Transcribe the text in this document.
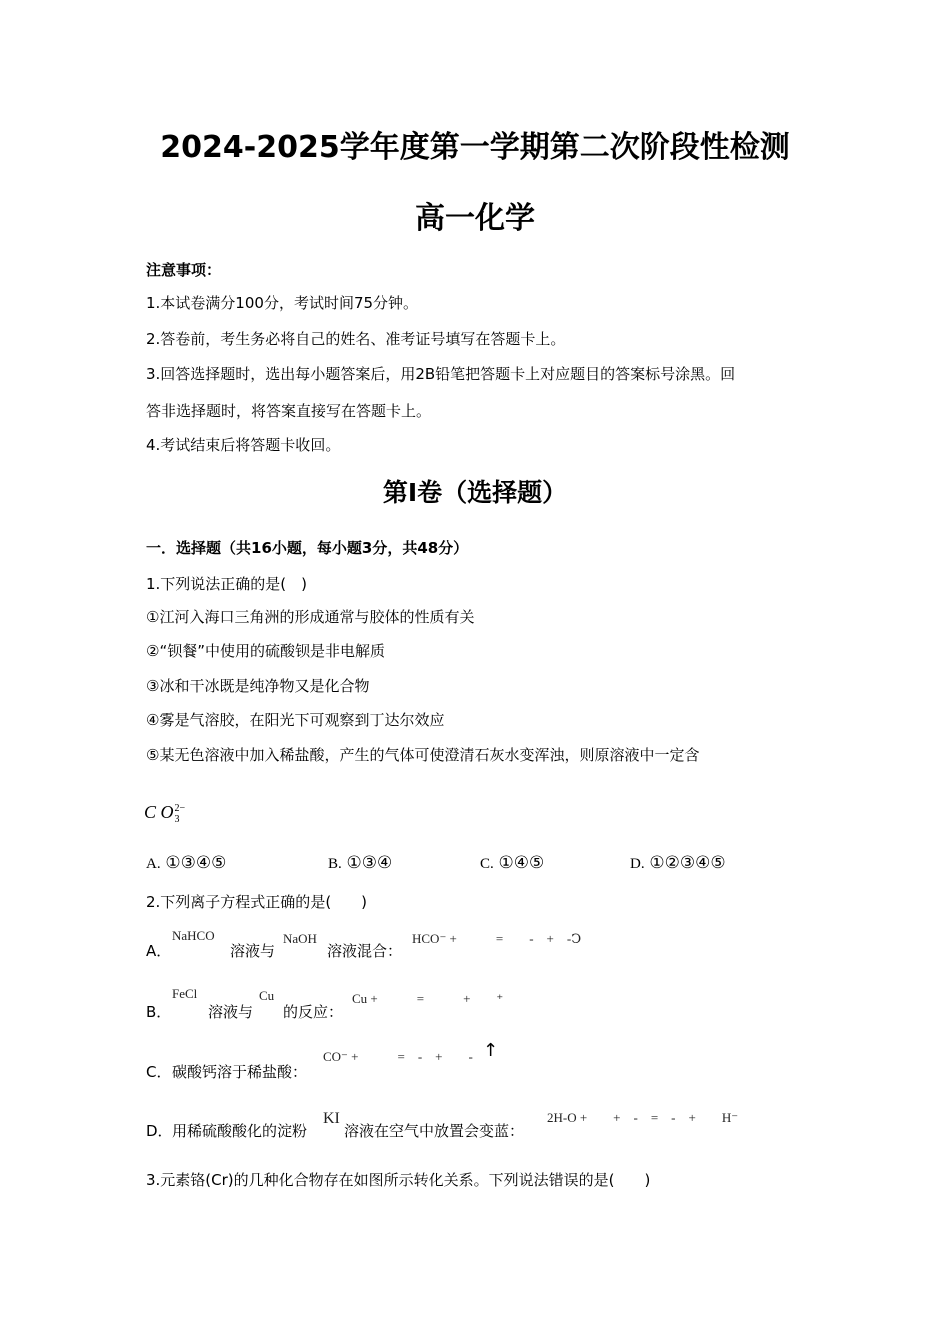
2024-2025学年度第一学期第二次阶段性检测
高一化学
注意事项：
1.本试卷满分100分，考试时间75分钟。
2.答卷前，考生务必将自己的姓名、准考证号填写在答题卡上。
3.回答选择题时，选出每小题答案后，用2B铅笔把答题卡上对应题目的答案标号涂黑。回
答非选择题时，将答案直接写在答题卡上。
4.考试结束后将答题卡收回。
第I卷（选择题）
一．选择题（共16小题，每小题3分，共48分）
1.下列说法正确的是(　)
①江河入海口三角洲的形成通常与胶体的性质有关
②“钡餐”中使用的硫酸钡是非电解质
③冰和干冰既是纯净物又是化合物
④雾是气溶胶，在阳光下可观察到丁达尔效应
⑤某无色溶液中加入稀盐酸，产生的气体可使澄清石灰水变浑浊，则原溶液中一定含
C O 2−
3
A. ①③④⑤	B. ①③④	C. ①④⑤	D. ①②③④⑤
2.下列离子方程式正确的是(　　)
A．
NaHCO
溶液与
NaOH
溶液混合：
HCO⁻ +　　　=　　-　+　-Ↄ
B．
FeCl
溶液与
Cu
的反应：
Cu +　　　=　　　+　　⁺
C． 碳酸钙溶于稀盐酸：
CO⁻ +　　　=　-　+　　- ↑
D． 用稀硫酸酸化的淀粉
KI
溶液在空气中放置会变蓝：
2H-O +　　+　-　=　-　+　　H⁻
3.元素铬(Cr)的几种化合物存在如图所示转化关系。下列说法错误的是(　　)
